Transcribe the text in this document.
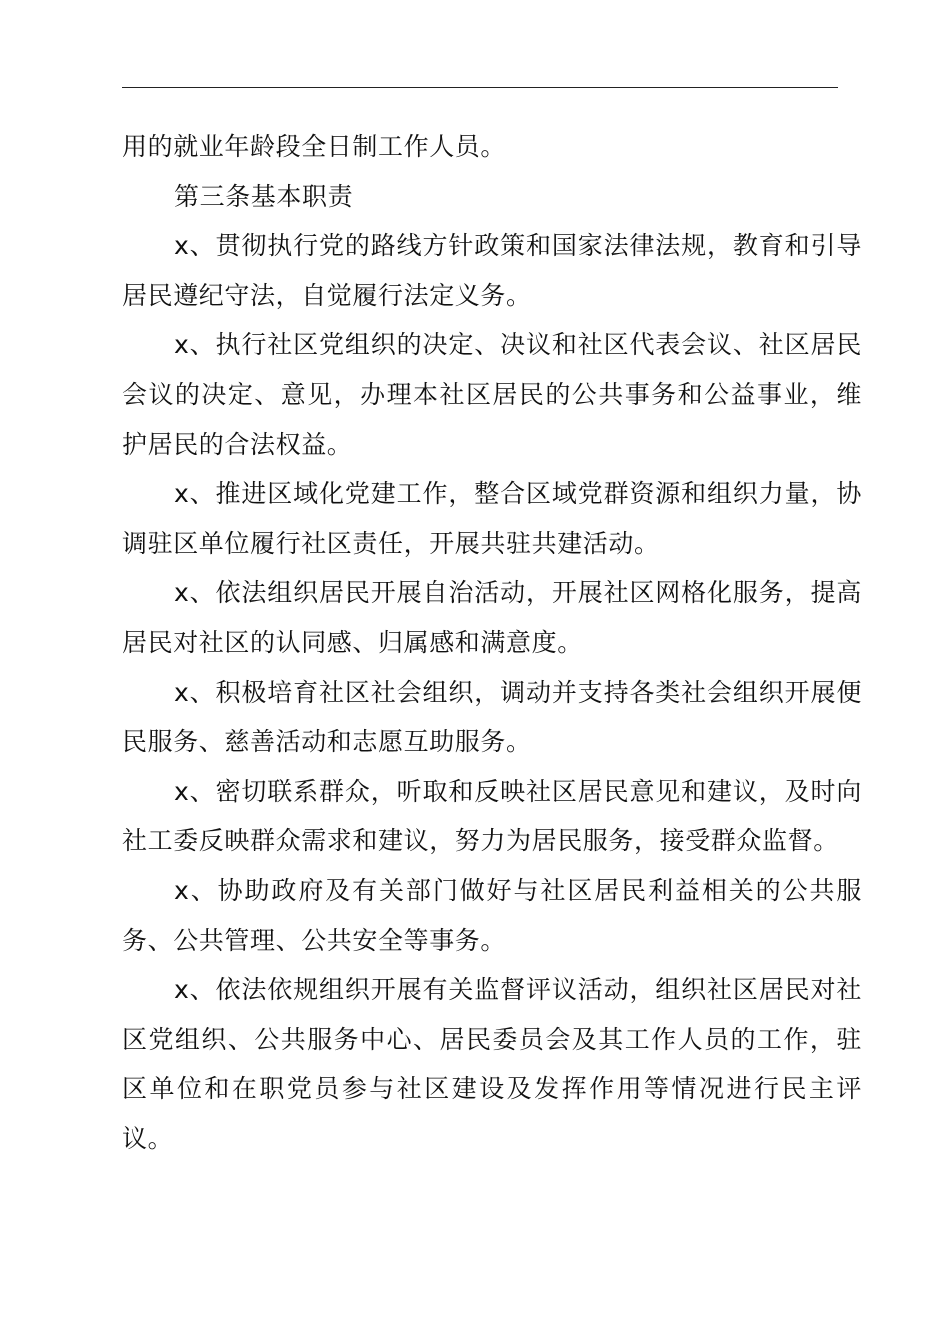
用的就业年龄段全日制工作人员。

第三条基本职责

x、贯彻执行党的路线方针政策和国家法律法规，教育和引导居民遵纪守法，自觉履行法定义务。

x、执行社区党组织的决定、决议和社区代表会议、社区居民会议的决定、意见，办理本社区居民的公共事务和公益事业，维护居民的合法权益。

x、推进区域化党建工作，整合区域党群资源和组织力量，协调驻区单位履行社区责任，开展共驻共建活动。

x、依法组织居民开展自治活动，开展社区网格化服务，提高居民对社区的认同感、归属感和满意度。

x、积极培育社区社会组织，调动并支持各类社会组织开展便民服务、慈善活动和志愿互助服务。

x、密切联系群众，听取和反映社区居民意见和建议，及时向社工委反映群众需求和建议，努力为居民服务，接受群众监督。

x、协助政府及有关部门做好与社区居民利益相关的公共服务、公共管理、公共安全等事务。

x、依法依规组织开展有关监督评议活动，组织社区居民对社区党组织、公共服务中心、居民委员会及其工作人员的工作，驻区单位和在职党员参与社区建设及发挥作用等情况进行民主评议。
